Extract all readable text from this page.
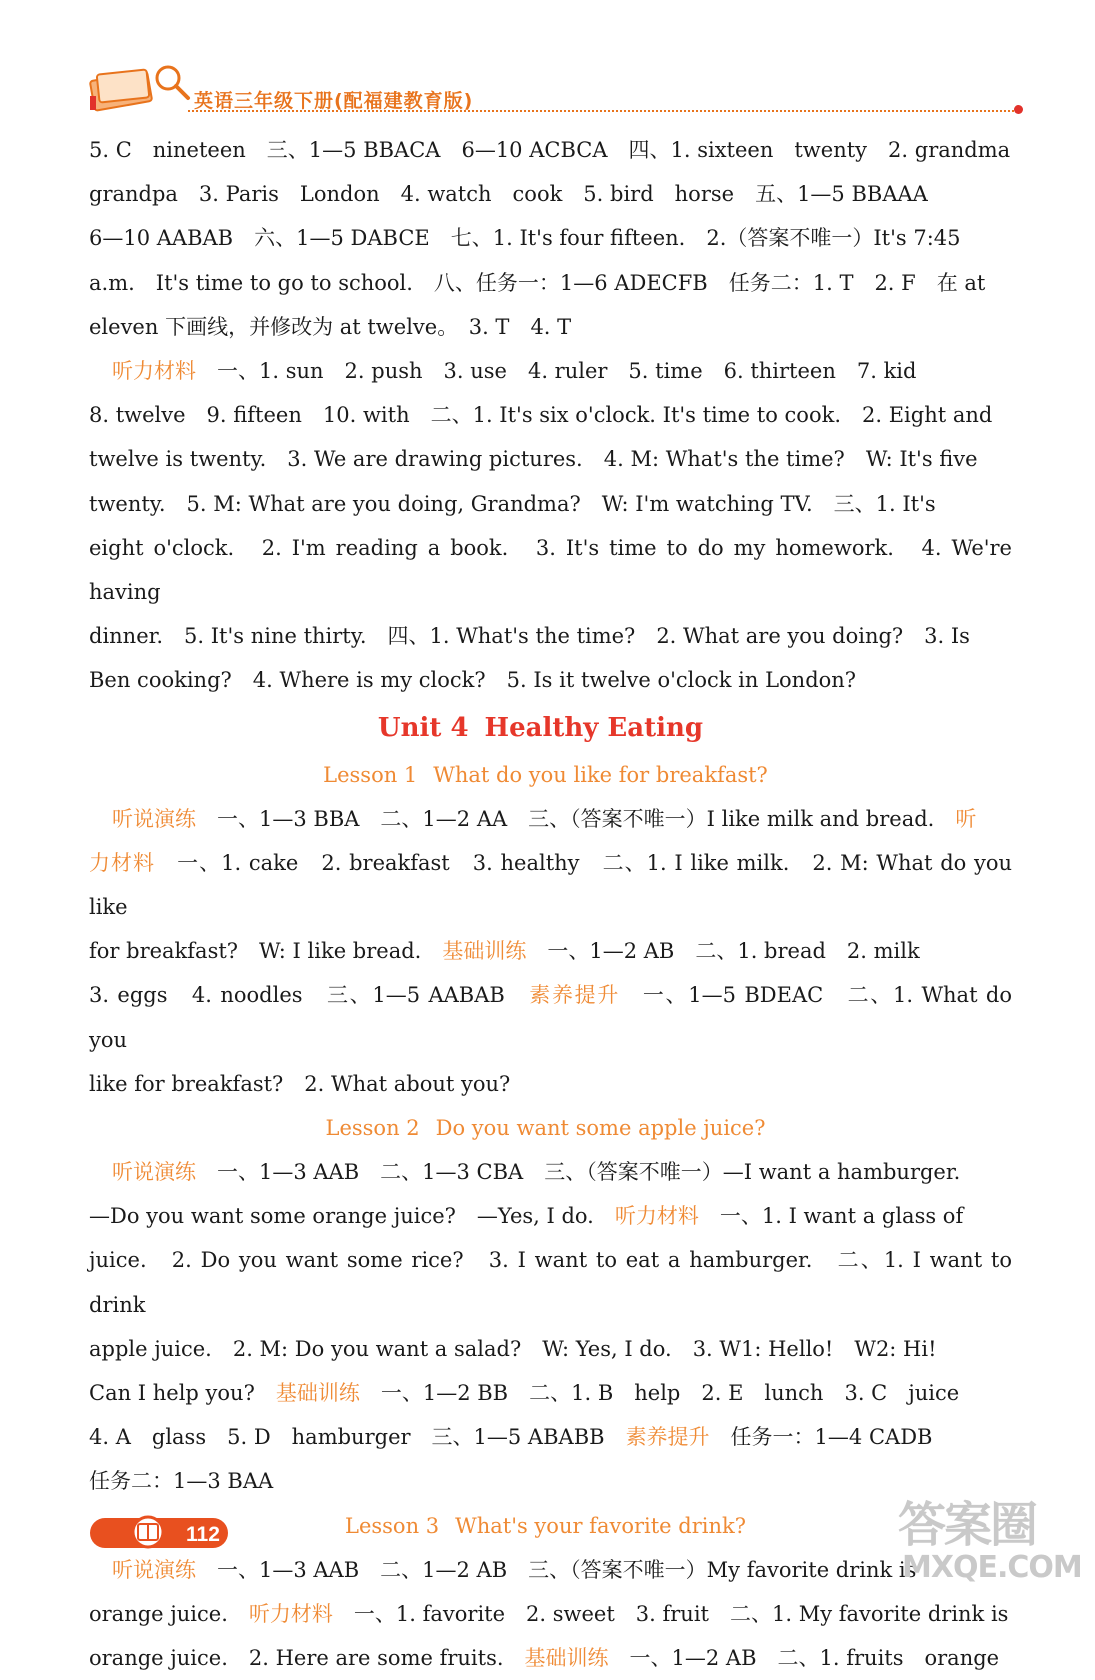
英语三年级下册(配福建教育版)
5. C　nineteen　三、1—5 BBACA　6—10 ACBCA　四、1. sixteen　twenty　2. grandma
grandpa　3. Paris　London　4. watch　cook　5. bird　horse　五、1—5 BBAAA
6—10 AABAB　六、1—5 DABCE　七、1. It's four fifteen.　2.（答案不唯一）It's 7:45
a.m.　It's time to go to school.　八、任务一：1—6 ADECFB　任务二：1. T　2. F　在 at
eleven 下画线，并修改为 at twelve。　3. T　4. T
听力材料　一、1. sun　2. push　3. use　4. ruler　5. time　6. thirteen　7. kid
8. twelve　9. fifteen　10. with　二、1. It's six o'clock. It's time to cook.　2. Eight and
twelve is twenty.　3. We are drawing pictures.　4. M: What's the time?　W: It's five
twenty.　5. M: What are you doing, Grandma?　W: I'm watching TV.　三、1. It's
eight o'clock.　2. I'm reading a book.　3. It's time to do my homework.　4. We're having
dinner.　5. It's nine thirty.　四、1. What's the time?　2. What are you doing?　3. Is
Ben cooking?　4. Where is my clock?　5. Is it twelve o'clock in London?
Unit 4 Healthy Eating
Lesson 1 What do you like for breakfast?
听说演练　一、1—3 BBA　二、1—2 AA　三、（答案不唯一）I like milk and bread.　听
力材料　一、1. cake　2. breakfast　3. healthy　二、1. I like milk.　2. M: What do you like
for breakfast?　W: I like bread.　基础训练　一、1—2 AB　二、1. bread　2. milk
3. eggs　4. noodles　三、1—5 AABAB　素养提升　一、1—5 BDEAC　二、1. What do you
like for breakfast?　2. What about you?
Lesson 2 Do you want some apple juice?
听说演练　一、1—3 AAB　二、1—3 CBA　三、（答案不唯一）—I want a hamburger.
—Do you want some orange juice?　—Yes, I do.　听力材料　一、1. I want a glass of
juice.　2. Do you want some rice?　3. I want to eat a hamburger.　二、1. I want to drink
apple juice.　2. M: Do you want a salad?　W: Yes, I do.　3. W1: Hello!　W2: Hi!
Can I help you?　基础训练　一、1—2 BB　二、1. B　help　2. E　lunch　3. C　juice
4. A　glass　5. D　hamburger　三、1—5 ABABB　素养提升　任务一：1—4 CADB
任务二：1—3 BAA
Lesson 3 What's your favorite drink?
听说演练　一、1—3 AAB　二、1—2 AB　三、（答案不唯一）My favorite drink is
orange juice.　听力材料　一、1. favorite　2. sweet　3. fruit　二、1. My favorite drink is
orange juice.　2. Here are some fruits.　基础训练　一、1—2 AB　二、1. fruits　orange
112	答案圈
MXQE.COM
